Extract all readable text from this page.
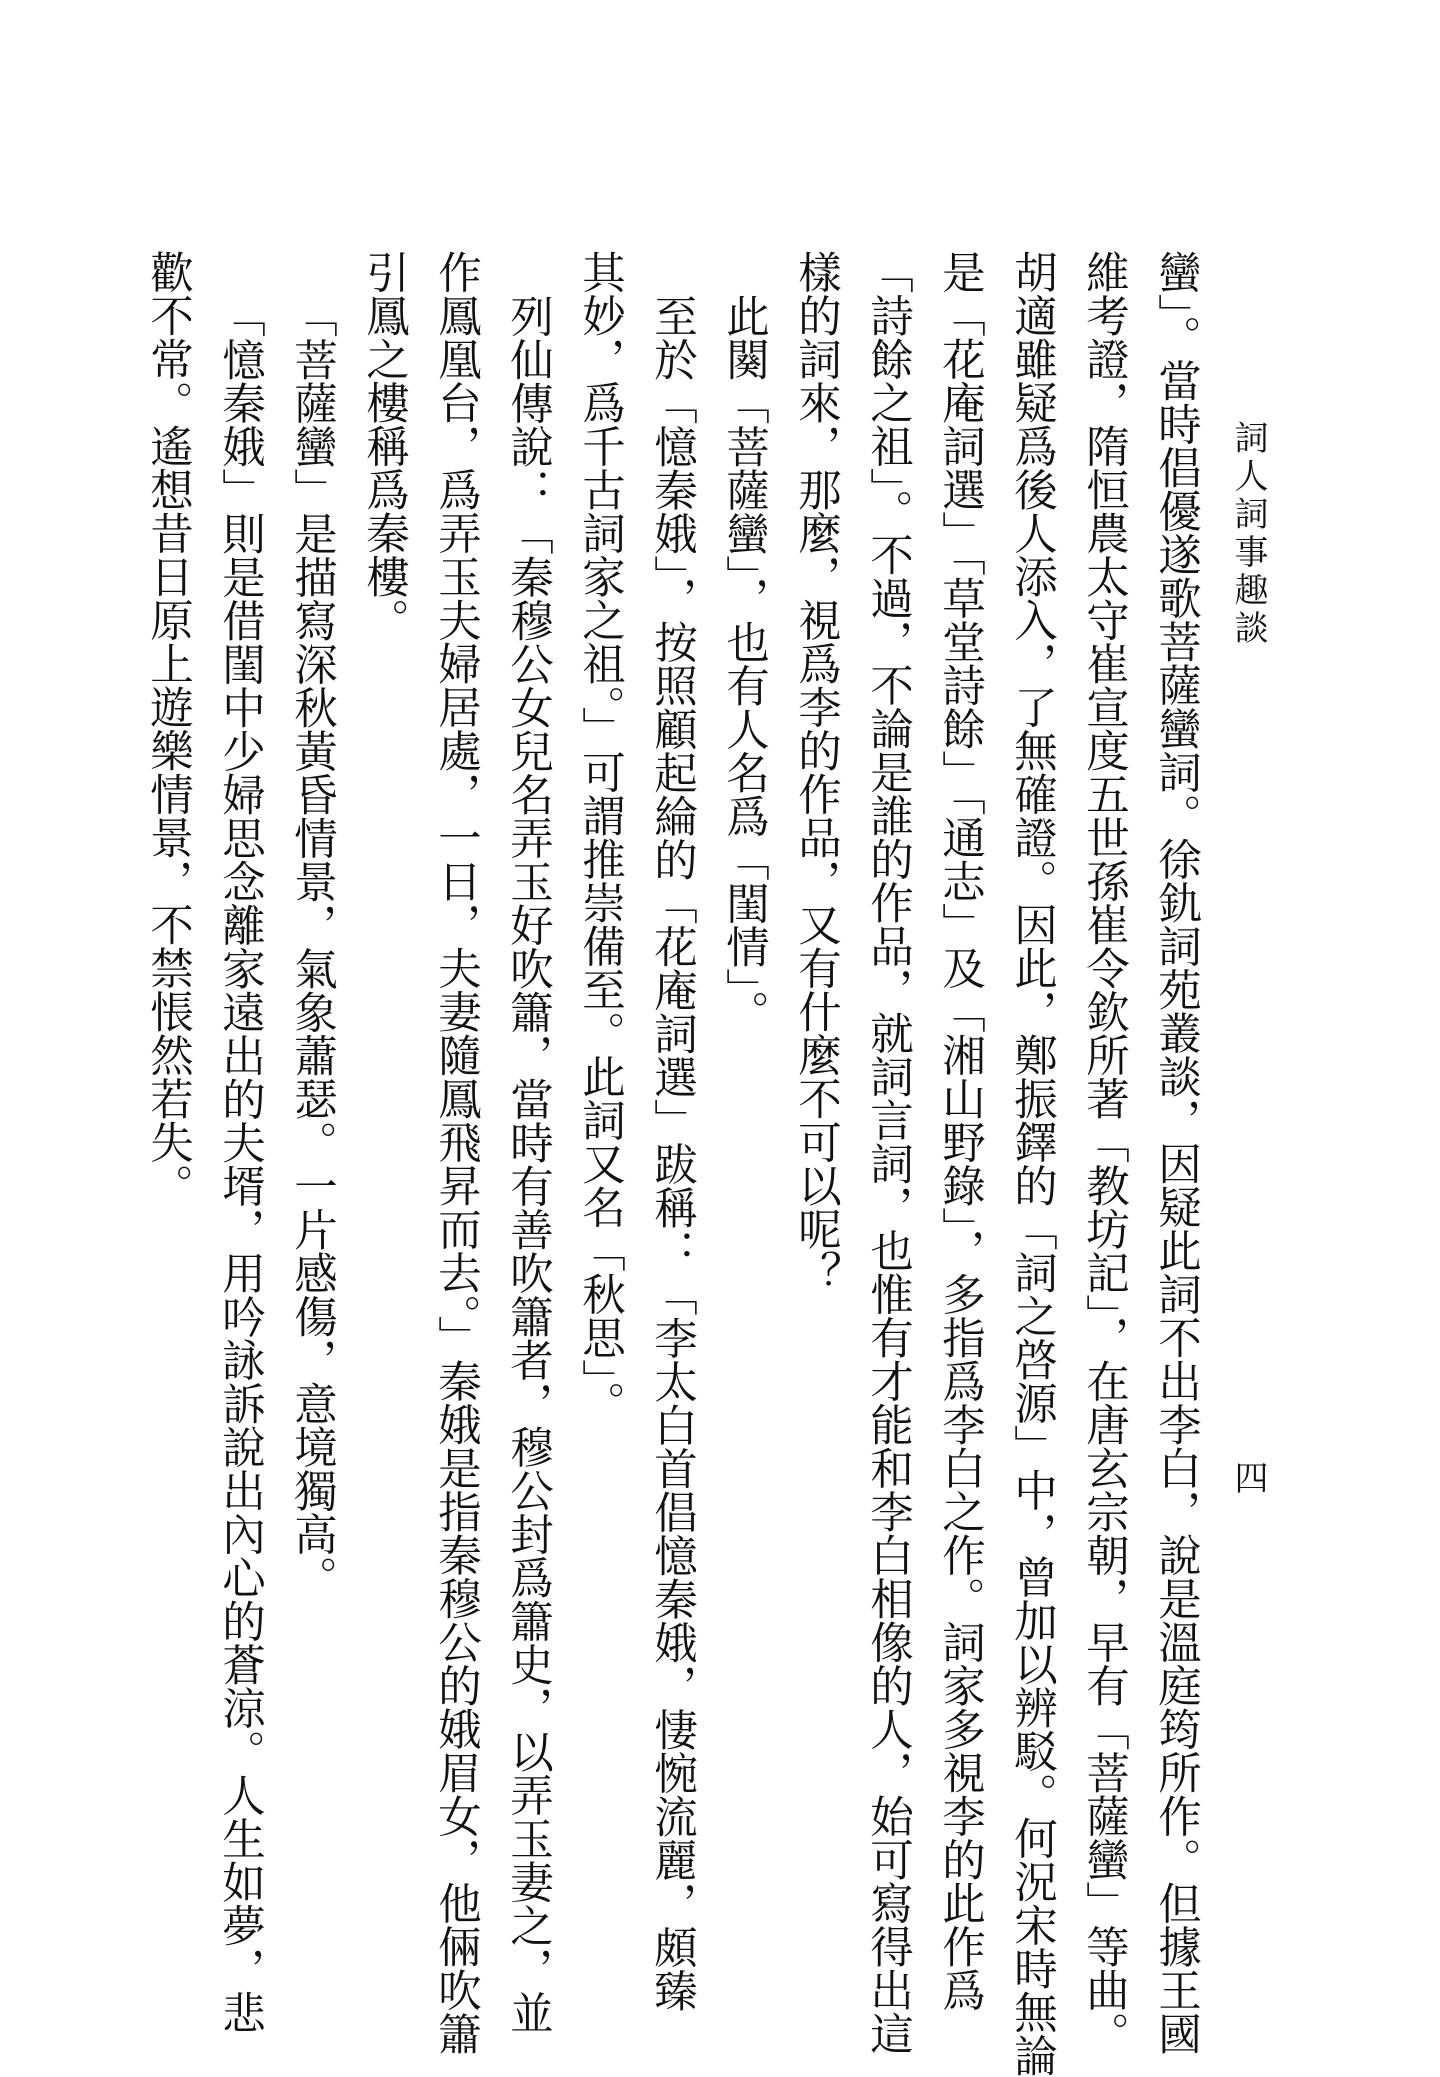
詞人詞事趣談
四
蠻」。當時倡優遂歌菩薩蠻詞。徐釚詞苑叢談，因疑此詞不出李白，說是溫庭筠所作。但據王國
維考證，隋恒農太守崔宣度五世孫崔令欽所著「教坊記」，在唐玄宗朝，早有「菩薩蠻」等曲。
胡適雖疑爲後人添入，了無確證。因此，鄭振鐸的「詞之啓源」中，曾加以辨駁。何況宋時無論
是「花庵詞選」「草堂詩餘」「通志」及「湘山野錄」，多指爲李白之作。詞家多視李的此作爲
「詩餘之祖」。不過，不論是誰的作品，就詞言詞，也惟有才能和李白相像的人，始可寫得出這
樣的詞來，那麼，視爲李的作品，又有什麼不可以呢？
此闋「菩薩蠻」，也有人名爲「閨情」。
至於「憶秦娥」，按照顧起綸的「花庵詞選」跋稱：「李太白首倡憶秦娥，悽惋流麗，頗臻
其妙，爲千古詞家之祖。」可謂推崇備至。此詞又名「秋思」。
列仙傳說：「秦穆公女兒名弄玉好吹簫，當時有善吹簫者，穆公封爲簫史，以弄玉妻之，並
作鳳凰台，爲弄玉夫婦居處，一日，夫妻隨鳳飛昇而去。」秦娥是指秦穆公的娥眉女，他倆吹簫
引鳳之樓稱爲秦樓。
「菩薩蠻」是描寫深秋黃昏情景，氣象蕭瑟。一片感傷，意境獨高。
「憶秦娥」則是借閨中少婦思念離家遠出的夫壻，用吟詠訴說出內心的蒼涼。人生如夢，悲
歡不常。遙想昔日原上遊樂情景，不禁悵然若失。
